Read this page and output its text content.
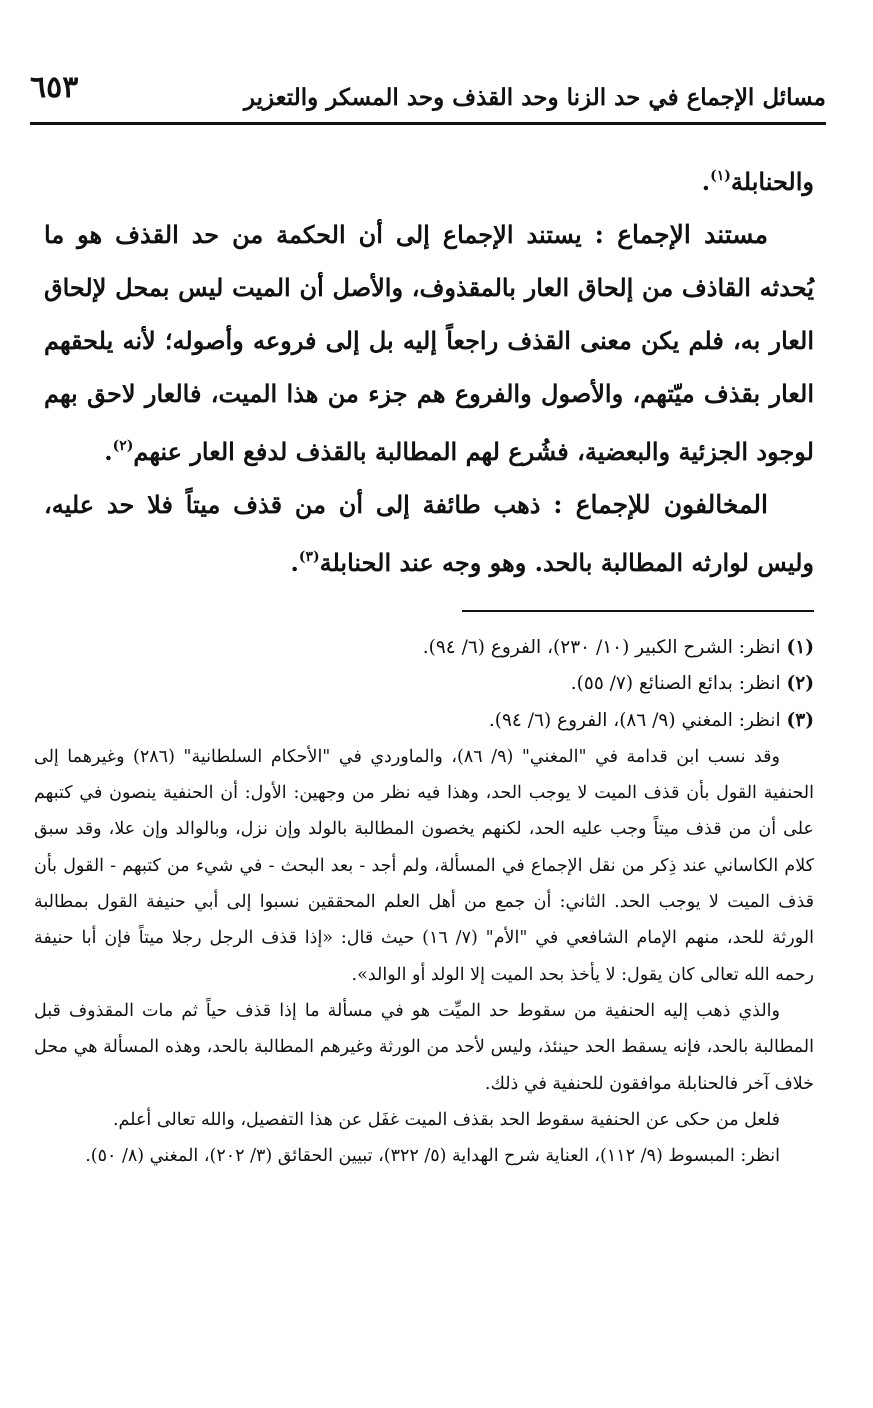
مسائل الإجماع في حد الزنا وحد القذف وحد المسكر والتعزير
٦٥٣

والحنابلة$^{(١)}$.

مستند الإجماع : يستند الإجماع إلى أن الحكمة من حد القذف هو ما يُحدثه القاذف من إلحاق العار بالمقذوف، والأصل أن الميت ليس بمحل لإلحاق العار به، فلم يكن معنى القذف راجعاً إليه بل إلى فروعه وأصوله؛ لأنه يلحقهم العار بقذف ميّتهم، والأصول والفروع هم جزء من هذا الميت، فالعار لاحق بهم لوجود الجزئية والبعضية، فشُرع لهم المطالبة بالقذف لدفع العار عنهم$^{(٢)}$.

المخالفون للإجماع : ذهب طائفة إلى أن من قذف ميتاً فلا حد عليه، وليس لوارثه المطالبة بالحد. وهو وجه عند الحنابلة$^{(٣)}$.

(١) انظر: الشرح الكبير (١٠/ ٢٣٠)، الفروع (٦/ ٩٤).

(٢) انظر: بدائع الصنائع (٧/ ٥٥).

(٣) انظر: المغني (٩/ ٨٦)، الفروع (٦/ ٩٤).

وقد نسب ابن قدامة في "المغني" (٩/ ٨٦)، والماوردي في "الأحكام السلطانية" (٢٨٦) وغيرهما إلى الحنفية القول بأن قذف الميت لا يوجب الحد، وهذا فيه نظر من وجهين: الأول: أن الحنفية ينصون في كتبهم على أن من قذف ميتاً وجب عليه الحد، لكنهم يخصون المطالبة بالولد وإن نزل، وبالوالد وإن علا، وقد سبق كلام الكاساني عند ذِكر من نقل الإجماع في المسألة، ولم أجد - بعد البحث - في شيء من كتبهم - القول بأن قذف الميت لا يوجب الحد. الثاني: أن جمع من أهل العلم المحققين نسبوا إلى أبي حنيفة القول بمطالبة الورثة للحد، منهم الإمام الشافعي في "الأم" (٧/ ١٦) حيث قال: «إذا قذف الرجل رجلا ميتاً فإن أبا حنيفة رحمه الله تعالى كان يقول: لا يأخذ بحد الميت إلا الولد أو الوالد».

والذي ذهب إليه الحنفية من سقوط حد الميِّت هو في مسألة ما إذا قذف حياً ثم مات المقذوف قبل المطالبة بالحد، فإنه يسقط الحد حينئذ، وليس لأحد من الورثة وغيرهم المطالبة بالحد، وهذه المسألة هي محل خلاف آخر فالحنابلة موافقون للحنفية في ذلك.

فلعل من حكى عن الحنفية سقوط الحد بقذف الميت غفَل عن هذا التفصيل، والله تعالى أعلم.

انظر: المبسوط (٩/ ١١٢)، العناية شرح الهداية (٥/ ٣٢٢)، تبيين الحقائق (٣/ ٢٠٢)، المغني (٨/ ٥٠).
